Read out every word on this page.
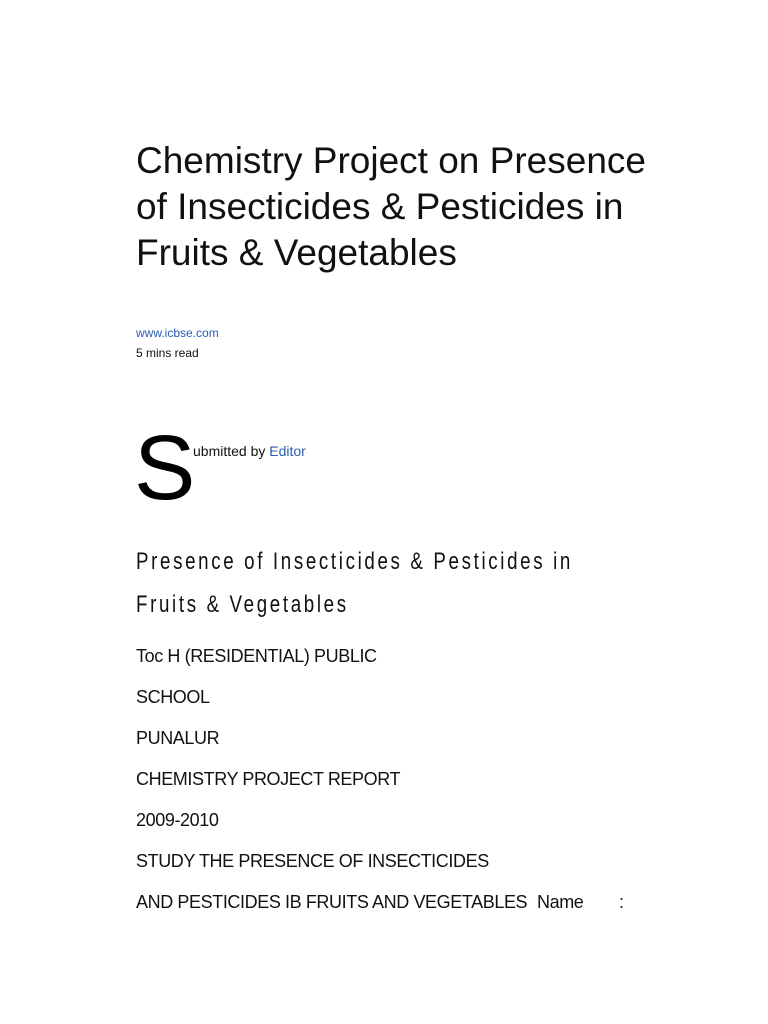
Chemistry Project on Presence of Insecticides & Pesticides in Fruits & Vegetables
www.icbse.com
5 mins read
S
ubmitted by Editor
Presence of Insecticides & Pesticides in Fruits & Vegetables
Toc H (RESIDENTIAL) PUBLIC
SCHOOL
PUNALUR
CHEMISTRY PROJECT REPORT
2009-2010
STUDY THE PRESENCE OF INSECTICIDES
AND PESTICIDES IB FRUITS AND VEGETABLES Name :
